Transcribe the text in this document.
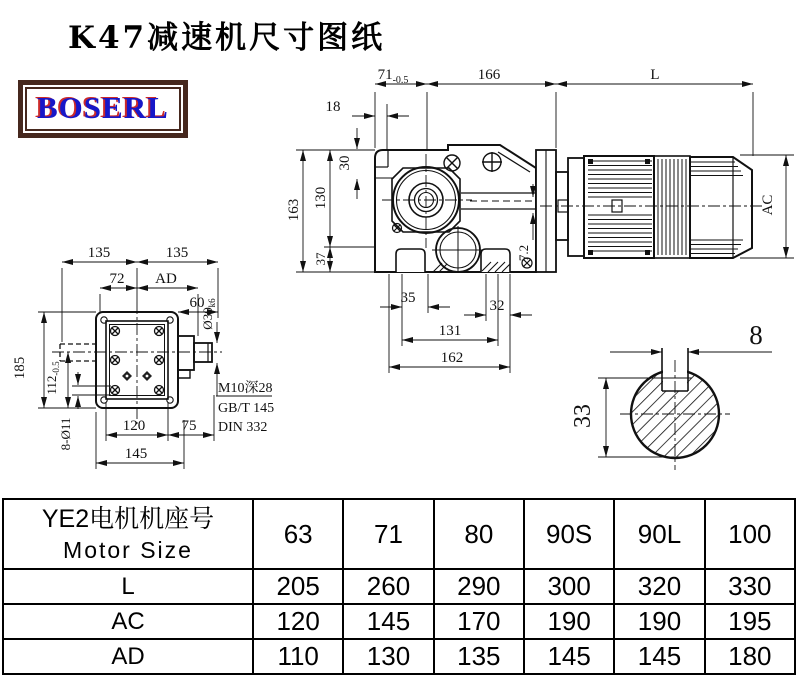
K47减速机尺寸图纸
BOSERL
$71_{-0.5}$	166	L
18
30
163
130
37
35	32
131
162
7.2
AC
135	135
72 AD
60
$Ø30_{k6}$
185
$112_{-0.5}$
8-Ø11	120 75
145
M10深28
GB/T 145
DIN 332
8
33
YE2电机机座号
Motor Size	63	71	80	90S	90L	100
L	205	260	290	300	320	330
AC	120	145	170	190	190	195
AD	110	130	135	145	145	180
